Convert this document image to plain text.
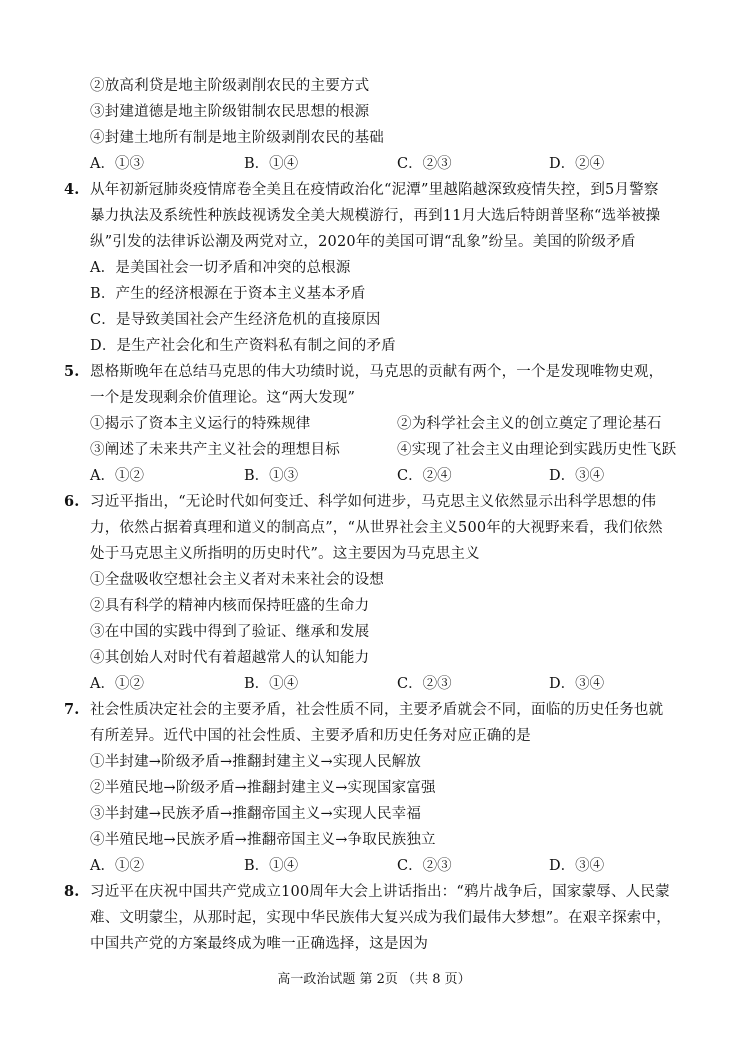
②放高利贷是地主阶级剥削农民的主要方式
③封建道德是地主阶级钳制农民思想的根源
④封建土地所有制是地主阶级剥削农民的基础
A．①③	B．①④	C．②③	D．②④
4. 从年初新冠肺炎疫情席卷全美且在疫情政治化“泥潭”里越陷越深致疫情失控，到5月警察
暴力执法及系统性种族歧视诱发全美大规模游行，再到11月大选后特朗普坚称“选举被操
纵”引发的法律诉讼潮及两党对立，2020年的美国可谓“乱象”纷呈。美国的阶级矛盾
A．是美国社会一切矛盾和冲突的总根源
B．产生的经济根源在于资本主义基本矛盾
C．是导致美国社会产生经济危机的直接原因
D．是生产社会化和生产资料私有制之间的矛盾
5. 恩格斯晚年在总结马克思的伟大功绩时说，马克思的贡献有两个，一个是发现唯物史观，
一个是发现剩余价值理论。这“两大发现”
①揭示了资本主义运行的特殊规律	②为科学社会主义的创立奠定了理论基石
③阐述了未来共产主义社会的理想目标	④实现了社会主义由理论到实践历史性飞跃
A．①②	B．①③	C．②④	D．③④
6. 习近平指出，“无论时代如何变迁、科学如何进步，马克思主义依然显示出科学思想的伟
力，依然占据着真理和道义的制高点”，“从世界社会主义500年的大视野来看，我们依然
处于马克思主义所指明的历史时代”。这主要因为马克思主义
①全盘吸收空想社会主义者对未来社会的设想
②具有科学的精神内核而保持旺盛的生命力
③在中国的实践中得到了验证、继承和发展
④其创始人对时代有着超越常人的认知能力
A．①②	B．①④	C．②③	D．③④
7. 社会性质决定社会的主要矛盾，社会性质不同，主要矛盾就会不同，面临的历史任务也就
有所差异。近代中国的社会性质、主要矛盾和历史任务对应正确的是
①半封建→阶级矛盾→推翻封建主义→实现人民解放
②半殖民地→阶级矛盾→推翻封建主义→实现国家富强
③半封建→民族矛盾→推翻帝国主义→实现人民幸福
④半殖民地→民族矛盾→推翻帝国主义→争取民族独立
A．①②	B．①④	C．②③	D．③④
8. 习近平在庆祝中国共产党成立100周年大会上讲话指出：“鸦片战争后，国家蒙辱、人民蒙
难、文明蒙尘，从那时起，实现中华民族伟大复兴成为我们最伟大梦想”。在艰辛探索中，
中国共产党的方案最终成为唯一正确选择，这是因为
高一政治试题 第 2页 （共 8 页）
